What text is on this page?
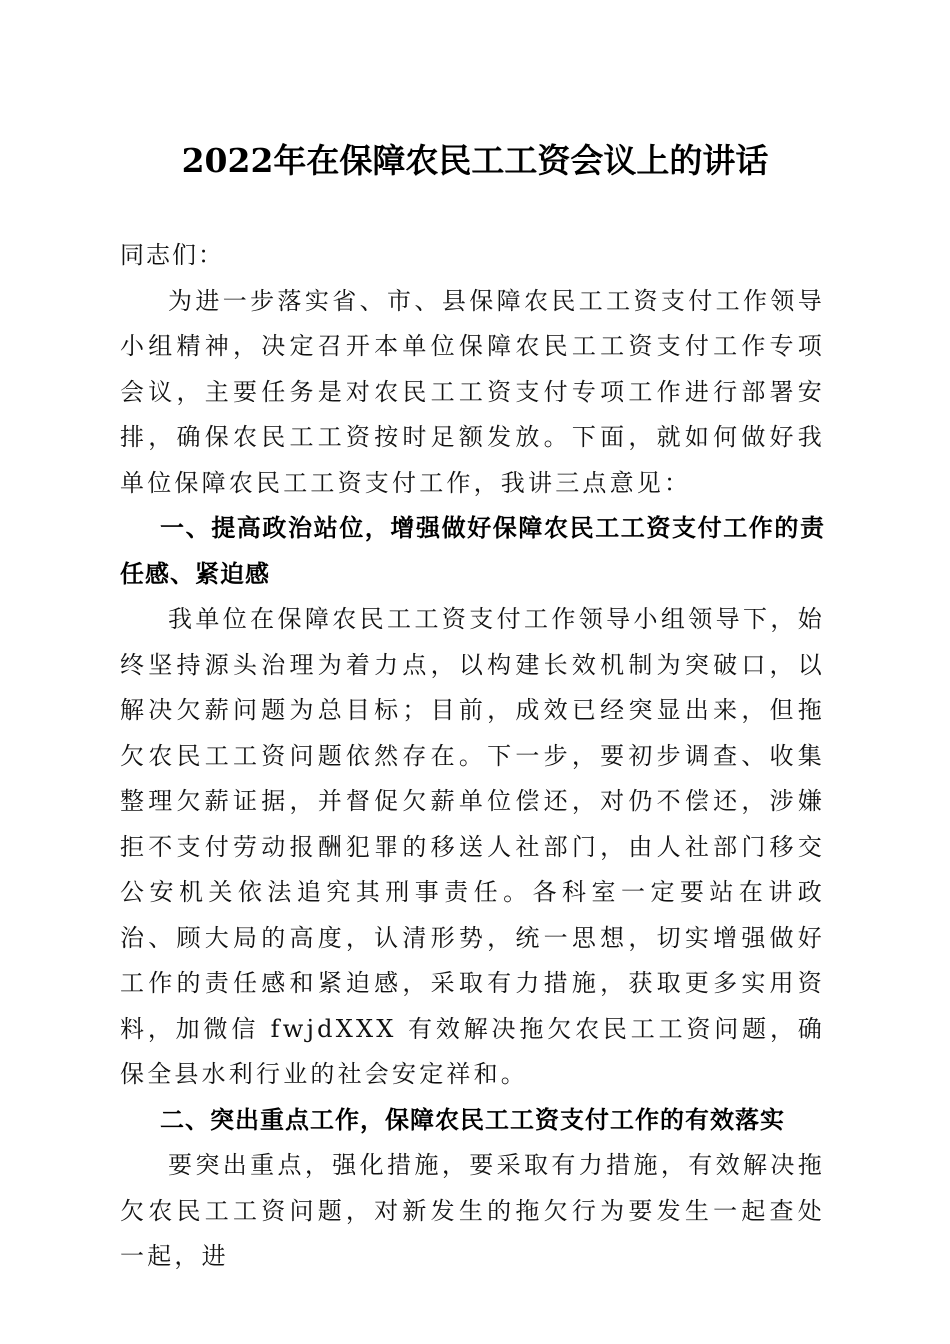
2022年在保障农民工工资会议上的讲话

同志们：

为进一步落实省、市、县保障农民工工资支付工作领导小组精神，决定召开本单位保障农民工工资支付工作专项会议，主要任务是对农民工工资支付专项工作进行部署安排，确保农民工工资按时足额发放。下面，就如何做好我单位保障农民工工资支付工作，我讲三点意见：

一、提高政治站位，增强做好保障农民工工资支付工作的责任感、紧迫感

我单位在保障农民工工资支付工作领导小组领导下，始终坚持源头治理为着力点，以构建长效机制为突破口，以解决欠薪问题为总目标；目前，成效已经突显出来，但拖欠农民工工资问题依然存在。下一步，要初步调查、收集整理欠薪证据，并督促欠薪单位偿还，对仍不偿还，涉嫌拒不支付劳动报酬犯罪的移送人社部门，由人社部门移交公安机关依法追究其刑事责任。各科室一定要站在讲政治、顾大局的高度，认清形势，统一思想，切实增强做好工作的责任感和紧迫感，采取有力措施，获取更多实用资料，加微信 fwjdXXX 有效解决拖欠农民工工资问题，确保全县水利行业的社会安定祥和。

二、突出重点工作，保障农民工工资支付工作的有效落实

要突出重点，强化措施，要采取有力措施，有效解决拖欠农民工工资问题，对新发生的拖欠行为要发生一起查处一起，进
